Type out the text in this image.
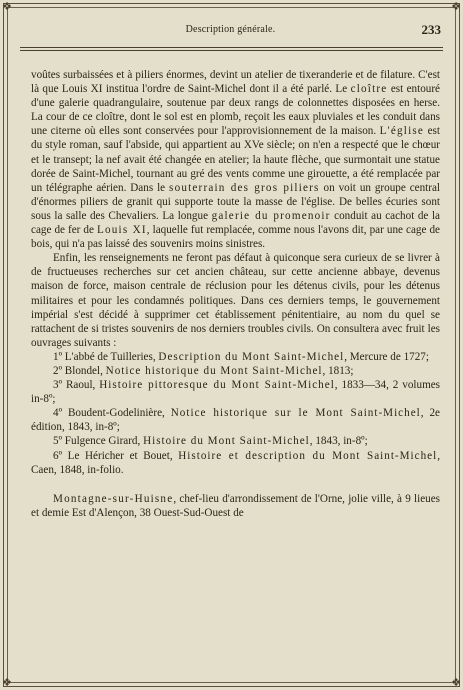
❖	❖
❖	❖
Description générale.	233

voûtes surbaissées et à piliers énormes, devint un atelier de tixeranderie et de filature. C'est là que Louis XI institua l'ordre de Saint-Michel dont il a été parlé. Le cloître est entouré d'une galerie quadrangulaire, soutenue par deux rangs de colonnettes disposées en herse. La cour de ce cloître, dont le sol est en plomb, reçoit les eaux pluviales et les conduit dans une citerne où elles sont conservées pour l'approvisionnement de la maison. L'église est du style roman, sauf l'abside, qui appartient au XVe siècle; on n'en a respecté que le chœur et le transept; la nef avait été changée en atelier; la haute flèche, que surmontait une statue dorée de Saint-Michel, tournant au gré des vents comme une girouette, a été remplacée par un télégraphe aérien. Dans le souterrain des gros piliers on voit un groupe central d'énormes piliers de granit qui supporte toute la masse de l'église. De belles écuries sont sous la salle des Chevaliers. La longue galerie du promenoir conduit au cachot de la cage de fer de Louis XI, laquelle fut remplacée, comme nous l'avons dit, par une cage de bois, qui n'a pas laissé des souvenirs moins sinistres.

Enfin, les renseignements ne feront pas défaut à quiconque sera curieux de se livrer à de fructueuses recherches sur cet ancien château, sur cette ancienne abbaye, devenus maison de force, maison centrale de réclusion pour les détenus civils, pour les détenus militaires et pour les condamnés politiques. Dans ces derniers temps, le gouvernement impérial s'est décidé à supprimer cet établissement pénitentiaire, au nom du quel se rattachent de si tristes souvenirs de nos derniers troubles civils. On consultera avec fruit les ouvrages suivants :

1º L'abbé de Tuilleries, Description du Mont Saint-Michel, Mercure de 1727;

2º Blondel, Notice historique du Mont Saint-Michel, 1813;

3º Raoul, Histoire pittoresque du Mont Saint-Michel, 1833—34, 2 volumes in-8º;

4º Boudent-Godelinière, Notice historique sur le Mont Saint-Michel, 2e édition, 1843, in-8º;

5º Fulgence Girard, Histoire du Mont Saint-Michel, 1843, in-8º;

6º Le Héricher et Bouet, Histoire et description du Mont Saint-Michel, Caen, 1848, in-folio.

Montagne-sur-Huisne, chef-lieu d'arrondissement de l'Orne, jolie ville, à 9 lieues et demie Est d'Alençon, 38 Ouest-Sud-Ouest de
